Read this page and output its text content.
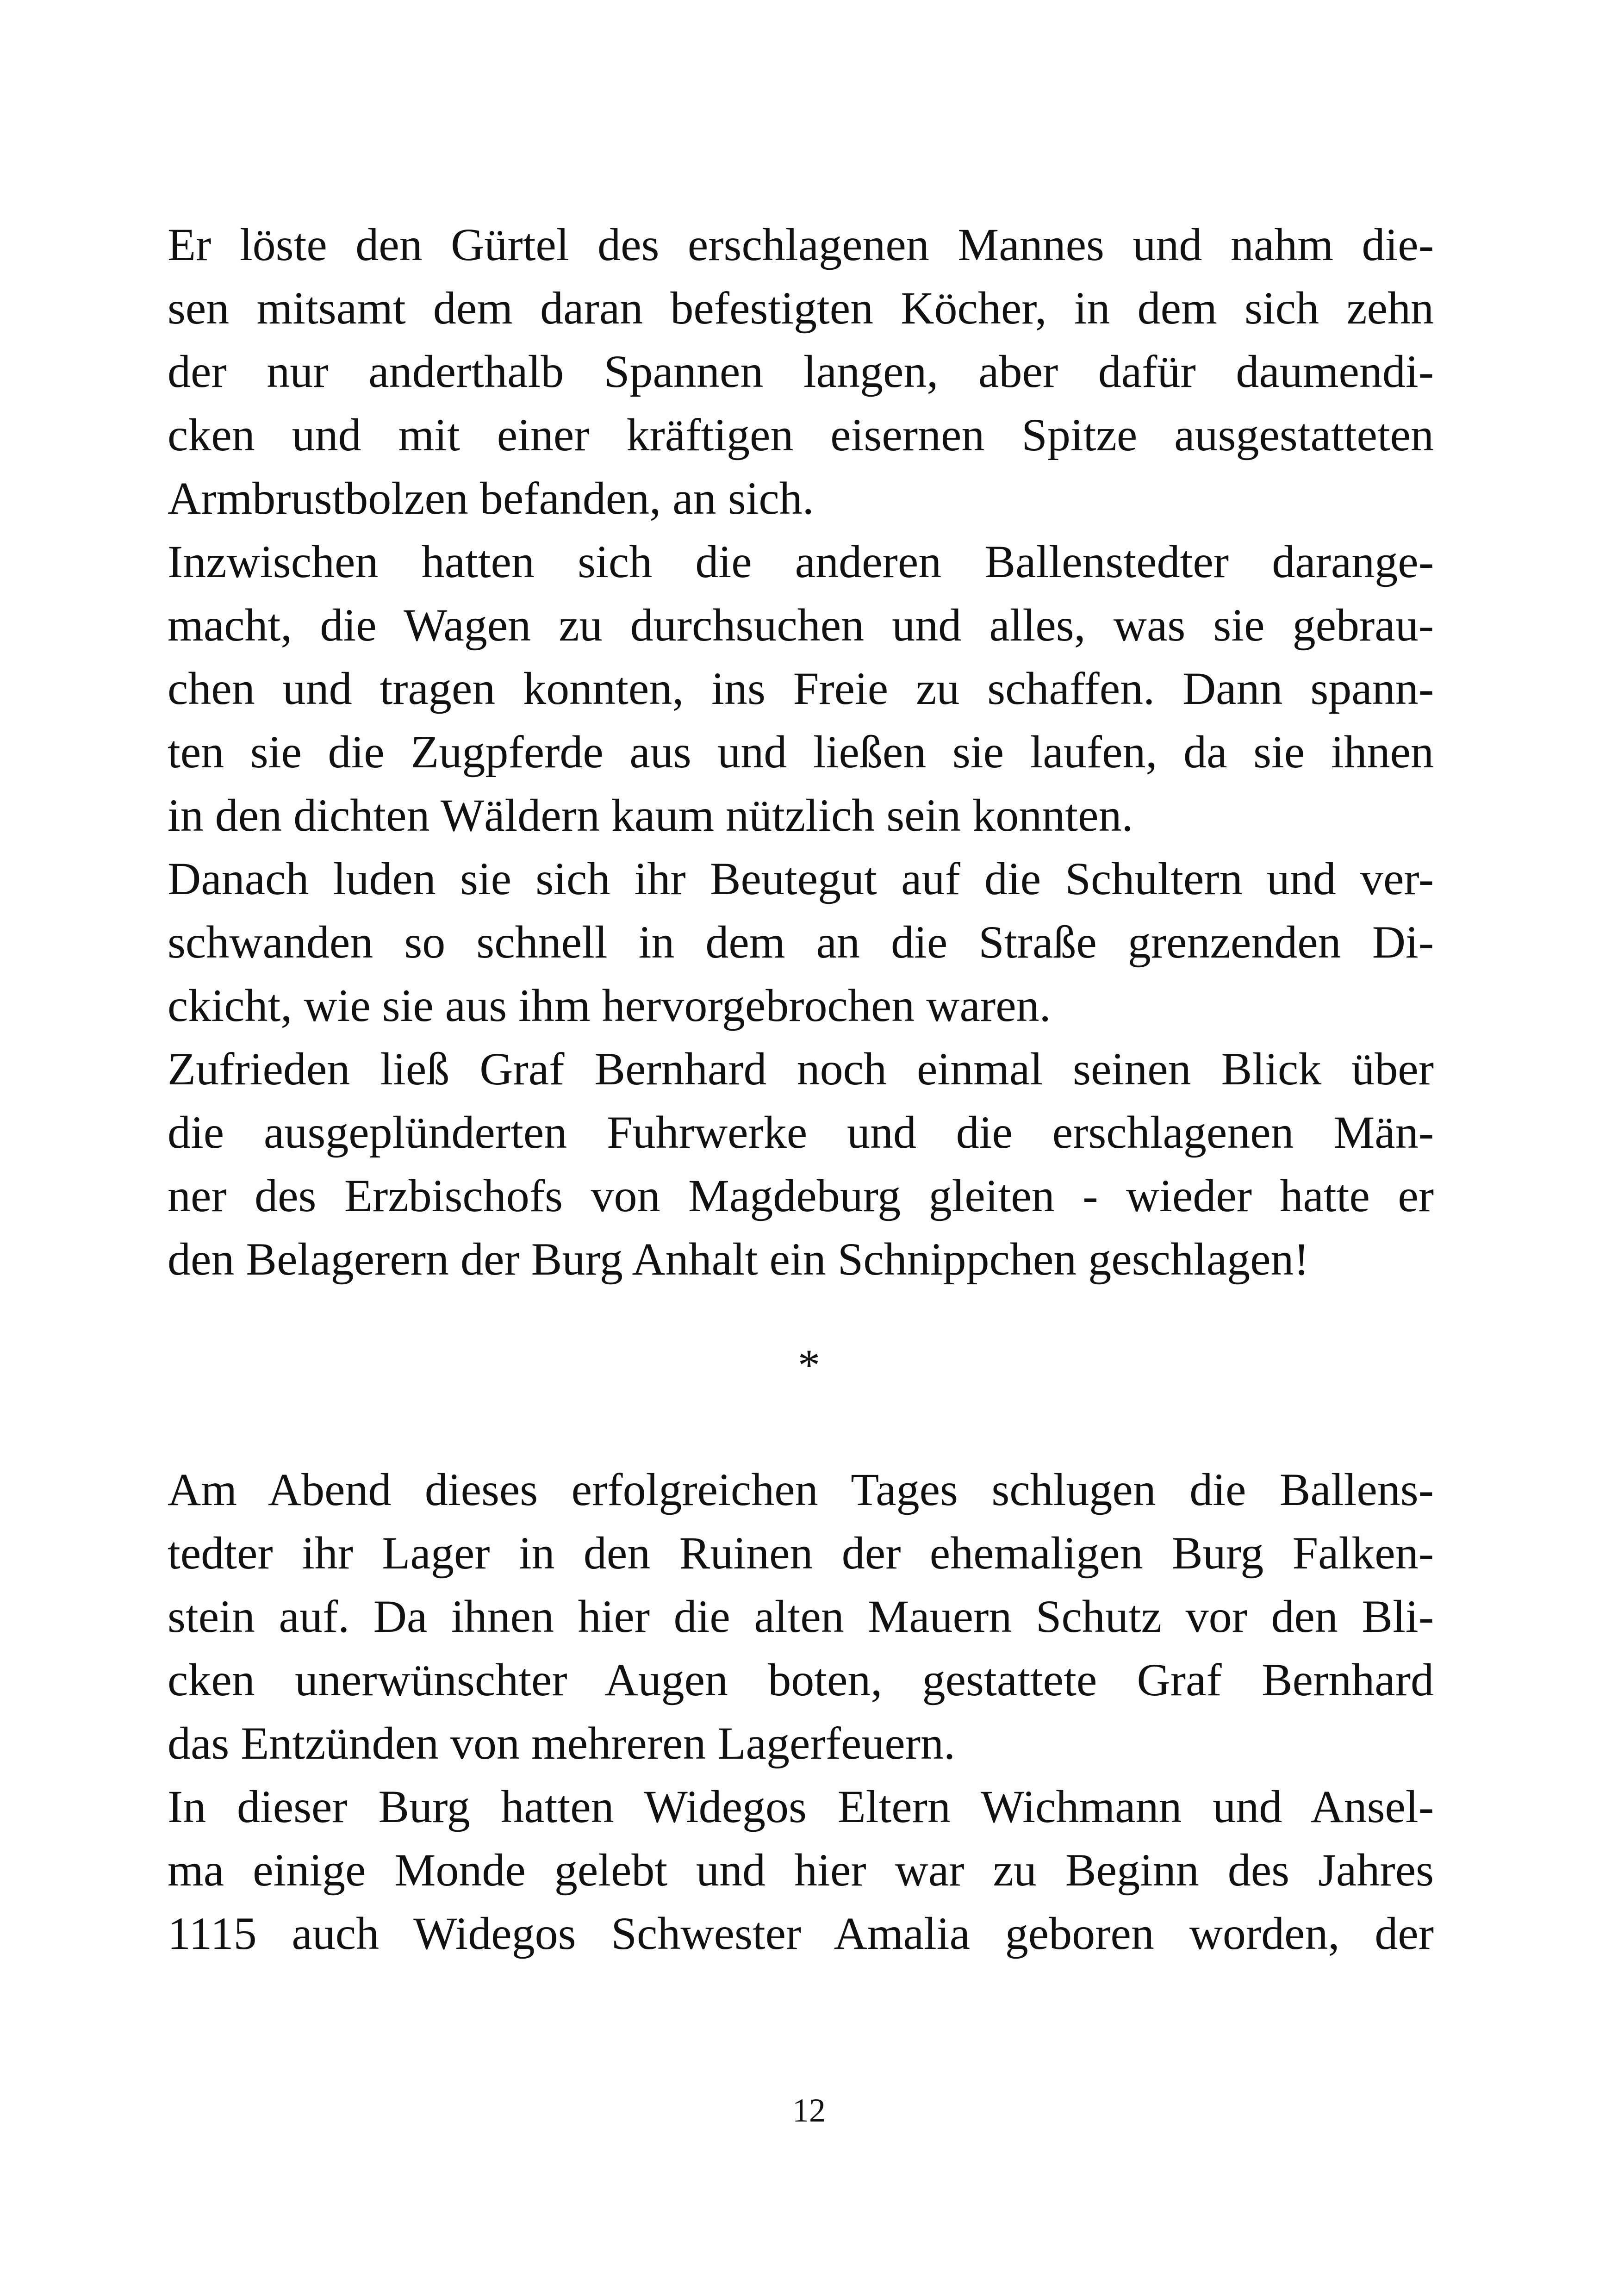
Er löste den Gürtel des erschlagenen Mannes und nahm die-
sen mitsamt dem daran befestigten Köcher, in dem sich zehn
der nur anderthalb Spannen langen, aber dafür daumendi-
cken und mit einer kräftigen eisernen Spitze ausgestatteten
Armbrustbolzen befanden, an sich.

Inzwischen hatten sich die anderen Ballenstedter darange-
macht, die Wagen zu durchsuchen und alles, was sie gebrau-
chen und tragen konnten, ins Freie zu schaffen. Dann spann-
ten sie die Zugpferde aus und ließen sie laufen, da sie ihnen
in den dichten Wäldern kaum nützlich sein konnten.

Danach luden sie sich ihr Beutegut auf die Schultern und ver-
schwanden so schnell in dem an die Straße grenzenden Di-
ckicht, wie sie aus ihm hervorgebrochen waren.

Zufrieden ließ Graf Bernhard noch einmal seinen Blick über
die ausgeplünderten Fuhrwerke und die erschlagenen Män-
ner des Erzbischofs von Magdeburg gleiten - wieder hatte er
den Belagerern der Burg Anhalt ein Schnippchen geschlagen!

*

Am Abend dieses erfolgreichen Tages schlugen die Ballens-
tedter ihr Lager in den Ruinen der ehemaligen Burg Falken-
stein auf. Da ihnen hier die alten Mauern Schutz vor den Bli-
cken unerwünschter Augen boten, gestattete Graf Bernhard
das Entzünden von mehreren Lagerfeuern.

In dieser Burg hatten Widegos Eltern Wichmann und Ansel-
ma einige Monde gelebt und hier war zu Beginn des Jahres
1115 auch Widegos Schwester Amalia geboren worden, der

12
